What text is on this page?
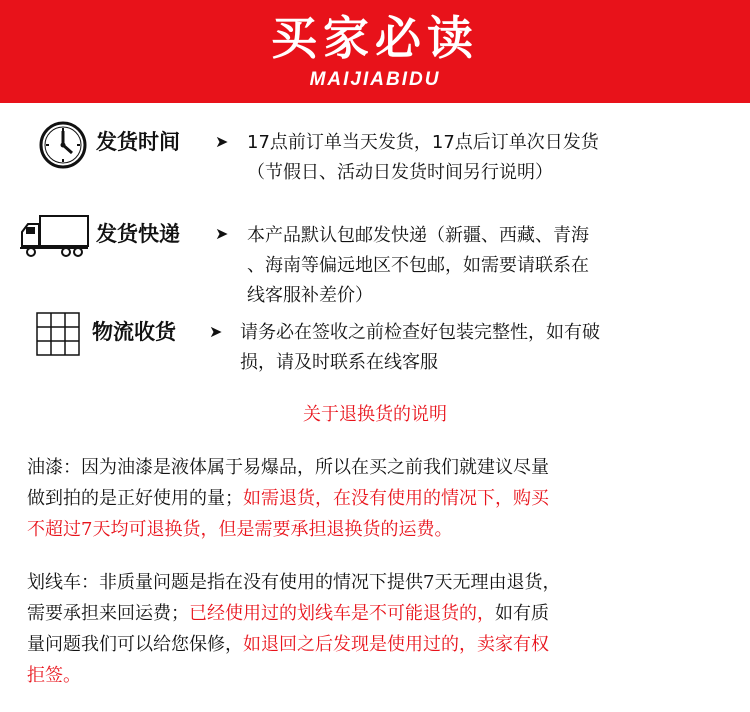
买家必读
MAIJIABIDU
发货时间 ➤ 17点前订单当天发货，17点后订单次日发货
（节假日、活动日发货时间另行说明）
发货快递 ➤ 本产品默认包邮发快递（新疆、西藏、青海
、海南等偏远地区不包邮，如需要请联系在
线客服补差价）
物流收货 ➤ 请务必在签收之前检查好包装完整性，如有破
损，请及时联系在线客服
关于退换货的说明
油漆：因为油漆是液体属于易爆品，所以在买之前我们就建议尽量
做到拍的是正好使用的量；如需退货，在没有使用的情况下，购买
不超过7天均可退换货，但是需要承担退换货的运费。
划线车：非质量问题是指在没有使用的情况下提供7天无理由退货，
需要承担来回运费；已经使用过的划线车是不可能退货的，如有质
量问题我们可以给您保修，如退回之后发现是使用过的，卖家有权
拒签。
